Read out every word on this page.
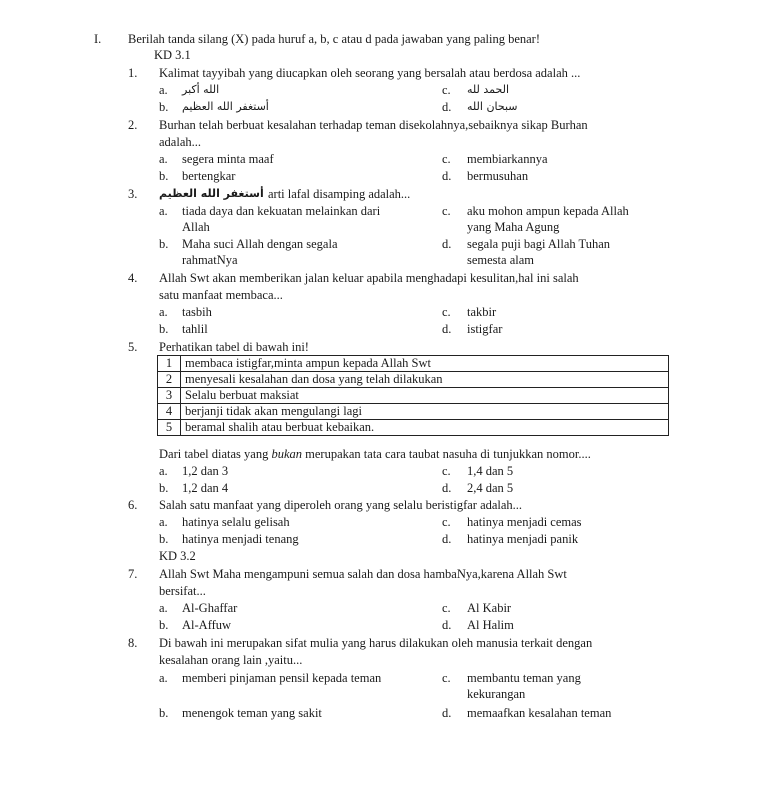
I. Berilah tanda silang (X) pada huruf a, b, c atau d pada jawaban yang paling benar!
KD 3.1
1. Kalimat tayyibah yang diucapkan oleh seorang yang bersalah atau berdosa adalah ...
a. الله أكبر	c. الحمد لله
b. أستغفر الله العظيم	d. سبحان الله
2. Burhan telah berbuat kesalahan terhadap teman disekolahnya,sebaiknya sikap Burhan
adalah...
a. segera minta maaf	c. membiarkannya
b. bertengkar	d. bermusuhan
3. أستغفر الله العظيم arti lafal disamping adalah...
a. tiada daya dan kekuatan melainkan dari
Allah
c. aku mohon ampun kepada Allah
yang Maha Agung
b. Maha suci Allah dengan segala
rahmatNya
d. segala puji bagi Allah Tuhan
semesta alam
4. Allah Swt akan memberikan jalan keluar apabila menghadapi kesulitan,hal ini salah
satu manfaat membaca...
a. tasbih	c. takbir
b. tahlil	d. istigfar
5. Perhatikan tabel di bawah ini!
1	membaca istigfar,minta ampun kepada Allah Swt
2	menyesali kesalahan dan dosa yang telah dilakukan
3	Selalu berbuat maksiat
4	berjanji tidak akan mengulangi lagi
5	beramal shalih atau berbuat kebaikan.
Dari tabel diatas yang bukan merupakan tata cara taubat nasuha di tunjukkan nomor....
a. 1,2 dan 3	c. 1,4 dan 5
b. 1,2 dan 4	d. 2,4 dan 5
6. Salah satu manfaat yang diperoleh orang yang selalu beristigfar adalah...
a. hatinya selalu gelisah	c. hatinya menjadi cemas
b. hatinya menjadi tenang	d. hatinya menjadi panik
KD 3.2
7. Allah Swt Maha mengampuni semua salah dan dosa hambaNya,karena Allah Swt
bersifat...
a. Al-Ghaffar	c. Al Kabir
b. Al-Affuw	d. Al Halim
8. Di bawah ini merupakan sifat mulia yang harus dilakukan oleh manusia terkait dengan
kesalahan orang lain ,yaitu...
a. memberi pinjaman pensil kepada teman	c. membantu teman yang
kekurangan
b. menengok teman yang sakit	d. memaafkan kesalahan teman
